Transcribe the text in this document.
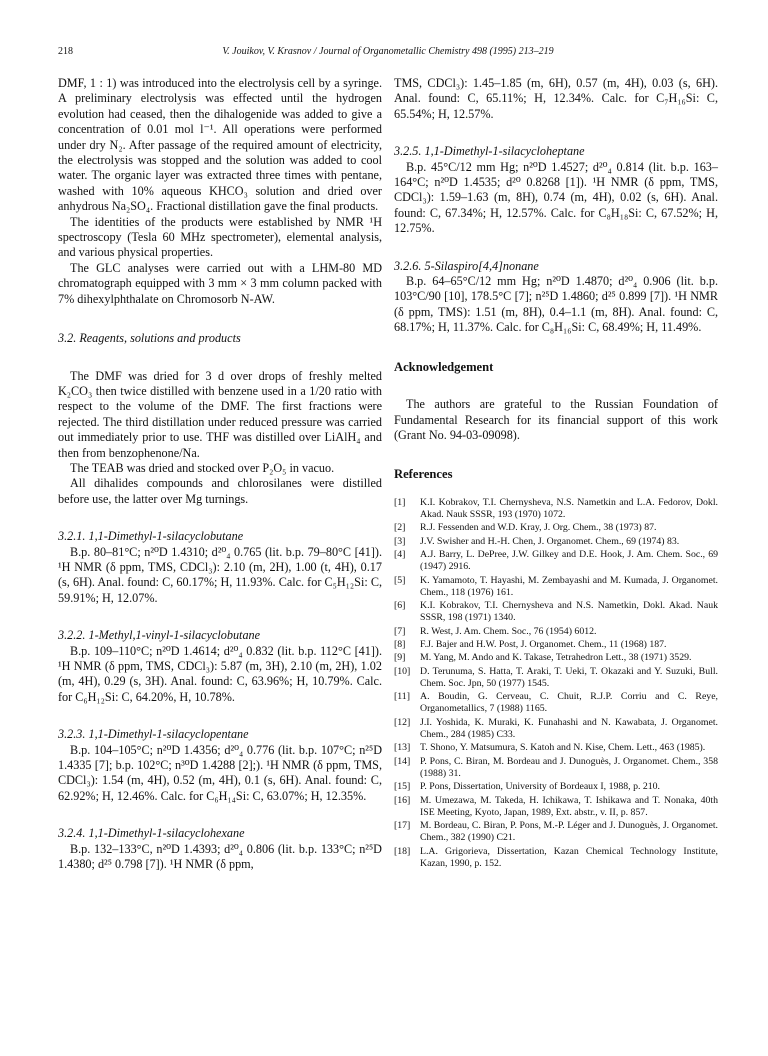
218	V. Jouikov, V. Krasnov / Journal of Organometallic Chemistry 498 (1995) 213–219

DMF, 1 : 1) was introduced into the electrolysis cell by a syringe. A preliminary electrolysis was effected until the hydrogen evolution had ceased, then the dihalogenide was added to give a concentration of 0.01 mol l⁻¹. All operations were performed under dry N₂. After passage of the required amount of electricity, the electrolysis was stopped and the solution was added to cool water. The organic layer was extracted three times with pentane, washed with 10% aqueous KHCO₃ solution and dried over anhydrous Na₂SO₄. Fractional distillation gave the final products.

The identities of the products were established by NMR ¹H spectroscopy (Tesla 60 MHz spectrometer), elemental analysis, and various physical properties.

The GLC analyses were carried out with a LHM-80 MD chromatograph equipped with 3 mm × 3 mm column packed with 7% dihexylphthalate on Chromosorb N-AW.

3.2. Reagents, solutions and products

The DMF was dried for 3 d over drops of freshly melted K₂CO₃ then twice distilled with benzene used in a 1/20 ratio with respect to the volume of the DMF. The first fractions were rejected. The third distillation under reduced pressure was carried out immediately prior to use. THF was distilled over LiAlH₄ and then from benzophenone/Na.

The TEAB was dried and stocked over P₂O₅ in vacuo.

All dihalides compounds and chlorosilanes were distilled before use, the latter over Mg turnings.

3.2.1. 1,1-Dimethyl-1-silacyclobutane

B.p. 80–81°C; n²⁰D 1.4310; d²⁰₄ 0.765 (lit. b.p. 79–80°C [41]). ¹H NMR (δ ppm, TMS, CDCl₃): 2.10 (m, 2H), 1.00 (t, 4H), 0.17 (s, 6H). Anal. found: C, 60.17%; H, 11.93%. Calc. for C₅H₁₂Si: C, 59.91%; H, 12.07%.

3.2.2. 1-Methyl,1-vinyl-1-silacyclobutane

B.p. 109–110°C; n²⁰D 1.4614; d²⁰₄ 0.832 (lit. b.p. 112°C [41]). ¹H NMR (δ ppm, TMS, CDCl₃): 5.87 (m, 3H), 2.10 (m, 2H), 1.02 (m, 4H), 0.29 (s, 3H). Anal. found: C, 63.96%; H, 10.79%. Calc. for C₆H₁₂Si: C, 64.20%, H, 10.78%.

3.2.3. 1,1-Dimethyl-1-silacyclopentane

B.p. 104–105°C; n²⁰D 1.4356; d²⁰₄ 0.776 (lit. b.p. 107°C; n²⁵D 1.4335 [7]; b.p. 102°C; n³⁰D 1.4288 [2];). ¹H NMR (δ ppm, TMS, CDCl₃): 1.54 (m, 4H), 0.52 (m, 4H), 0.1 (s, 6H). Anal. found: C, 62.92%; H, 12.46%. Calc. for C₆H₁₄Si: C, 63.07%; H, 12.35%.

3.2.4. 1,1-Dimethyl-1-silacyclohexane

B.p. 132–133°C, n²⁰D 1.4393; d²⁰₄ 0.806 (lit. b.p. 133°C; n²⁵D 1.4380; d²⁵ 0.798 [7]). ¹H NMR (δ ppm,

TMS, CDCl₃): 1.45–1.85 (m, 6H), 0.57 (m, 4H), 0.03 (s, 6H). Anal. found: C, 65.11%; H, 12.34%. Calc. for C₇H₁₆Si: C, 65.54%; H, 12.57%.

3.2.5. 1,1-Dimethyl-1-silacycloheptane

B.p. 45°C/12 mm Hg; n²⁰D 1.4527; d²⁰₄ 0.814 (lit. b.p. 163–164°C; n²⁰D 1.4535; d²⁰ 0.8268 [1]). ¹H NMR (δ ppm, TMS, CDCl₃): 1.59–1.63 (m, 8H), 0.74 (m, 4H), 0.02 (s, 6H). Anal. found: C, 67.34%; H, 12.57%. Calc. for C₈H₁₈Si: C, 67.52%; H, 12.75%.

3.2.6. 5-Silaspiro[4,4]nonane

B.p. 64–65°C/12 mm Hg; n²⁰D 1.4870; d²⁰₄ 0.906 (lit. b.p. 103°C/90 [10], 178.5°C [7]; n²⁵D 1.4860; d²⁵ 0.899 [7]). ¹H NMR (δ ppm, TMS): 1.51 (m, 8H), 0.4–1.1 (m, 8H). Anal. found: C, 68.17%; H, 11.37%. Calc. for C₈H₁₆Si: C, 68.49%; H, 11.49%.

Acknowledgement

The authors are grateful to the Russian Foundation of Fundamental Research for its financial support of this work (Grant No. 94-03-09098).

References
[1] K.I. Kobrakov, T.I. Chernysheva, N.S. Nametkin and L.A. Fedorov, Dokl. Akad. Nauk SSSR, 193 (1970) 1072.
[2] R.J. Fessenden and W.D. Kray, J. Org. Chem., 38 (1973) 87.
[3] J.V. Swisher and H.-H. Chen, J. Organomet. Chem., 69 (1974) 83.
[4] A.J. Barry, L. DePree, J.W. Gilkey and D.E. Hook, J. Am. Chem. Soc., 69 (1947) 2916.
[5] K. Yamamoto, T. Hayashi, M. Zembayashi and M. Kumada, J. Organomet. Chem., 118 (1976) 161.
[6] K.I. Kobrakov, T.I. Chernysheva and N.S. Nametkin, Dokl. Akad. Nauk SSSR, 198 (1971) 1340.
[7] R. West, J. Am. Chem. Soc., 76 (1954) 6012.
[8] F.J. Bajer and H.W. Post, J. Organomet. Chem., 11 (1968) 187.
[9] M. Yang, M. Ando and K. Takase, Tetrahedron Lett., 38 (1971) 3529.
[10] D. Terunuma, S. Hatta, T. Araki, T. Ueki, T. Okazaki and Y. Suzuki, Bull. Chem. Soc. Jpn, 50 (1977) 1545.
[11] A. Boudin, G. Cerveau, C. Chuit, R.J.P. Corriu and C. Reye, Organometallics, 7 (1988) 1165.
[12] J.I. Yoshida, K. Muraki, K. Funahashi and N. Kawabata, J. Organomet. Chem., 284 (1985) C33.
[13] T. Shono, Y. Matsumura, S. Katoh and N. Kise, Chem. Lett., 463 (1985).
[14] P. Pons, C. Biran, M. Bordeau and J. Dunoguès, J. Organomet. Chem., 358 (1988) 31.
[15] P. Pons, Dissertation, University of Bordeaux I, 1988, p. 210.
[16] M. Umezawa, M. Takeda, H. Ichikawa, T. Ishikawa and T. Nonaka, 40th ISE Meeting, Kyoto, Japan, 1989, Ext. abstr., v. II, p. 857.
[17] M. Bordeau, C. Biran, P. Pons, M.-P. Léger and J. Dunoguès, J. Organomet. Chem., 382 (1990) C21.
[18] L.A. Grigorieva, Dissertation, Kazan Chemical Technology Institute, Kazan, 1990, p. 152.
